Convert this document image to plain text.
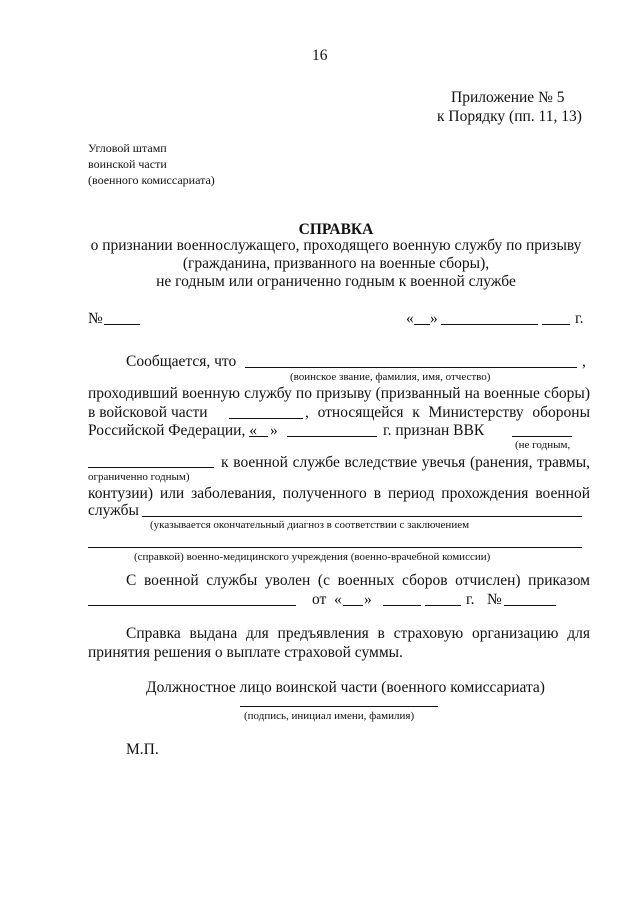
16
Приложение № 5
к Порядку (пп. 11, 13)
Угловой штамп
воинской части
(военного комиссариата)
СПРАВКА
о признании военнослужащего, проходящего военную службу по призыву
(гражданина, призванного на военные сборы),
не годным или ограниченно годным к военной службе
№	« »	г.
Сообщается, что	,
(воинское звание, фамилия, имя, отчество)
проходивший военную службу по призыву (призванный на военные сборы)
в войсковой части	, относящейся к Министерству обороны
Российской Федерации, « »	г. признан ВВК
(не годным,
к военной службе вследствие увечья (ранения, травмы,
ограниченно годным)
контузии) или заболевания, полученного в период прохождения военной
службы
(указывается окончательный диагноз в соответствии с заключением
(справкой) военно-медицинского учреждения (военно-врачебной комиссии)
С военной службы уволен (с военных сборов отчислен) приказом
от « »	г. №
Справка выдана для предъявления в страховую организацию для
принятия решения о выплате страховой суммы.
Должностное лицо воинской части (военного комиссариата)
(подпись, инициал имени, фамилия)
М.П.
